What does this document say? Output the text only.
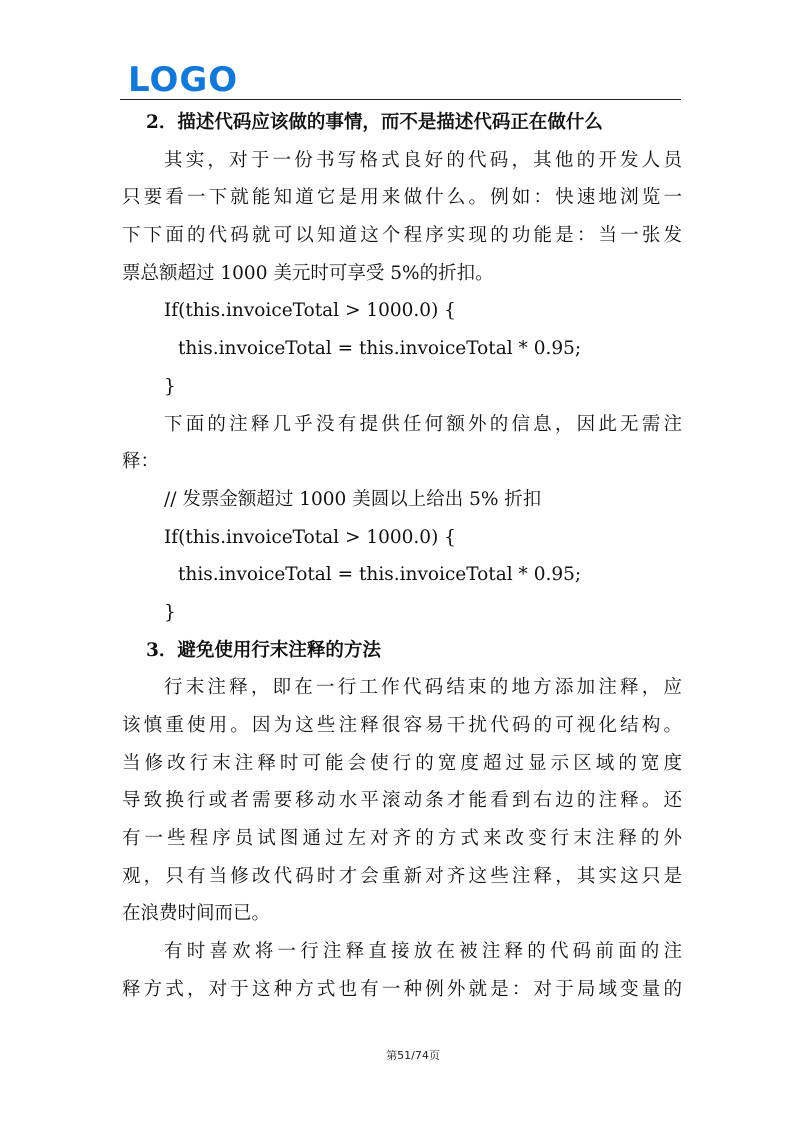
LOGO
2．描述代码应该做的事情，而不是描述代码正在做什么
其实，对于一份书写格式良好的代码，其他的开发人员
只要看一下就能知道它是用来做什么。例如：快速地浏览一
下下面的代码就可以知道这个程序实现的功能是：当一张发
票总额超过 1000 美元时可享受 5%的折扣。
If(this.invoiceTotal > 1000.0) {
this.invoiceTotal = this.invoiceTotal * 0.95;
}
下面的注释几乎没有提供任何额外的信息，因此无需注
释：
// 发票金额超过 1000 美圆以上给出 5% 折扣
If(this.invoiceTotal > 1000.0) {
this.invoiceTotal = this.invoiceTotal * 0.95;
}
3．避免使用行末注释的方法
行末注释，即在一行工作代码结束的地方添加注释，应
该慎重使用。因为这些注释很容易干扰代码的可视化结构。
当修改行末注释时可能会使行的宽度超过显示区域的宽度
导致换行或者需要移动水平滚动条才能看到右边的注释。还
有一些程序员试图通过左对齐的方式来改变行末注释的外
观，只有当修改代码时才会重新对齐这些注释，其实这只是
在浪费时间而已。
有时喜欢将一行注释直接放在被注释的代码前面的注
释方式，对于这种方式也有一种例外就是：对于局域变量的
第51/74页
